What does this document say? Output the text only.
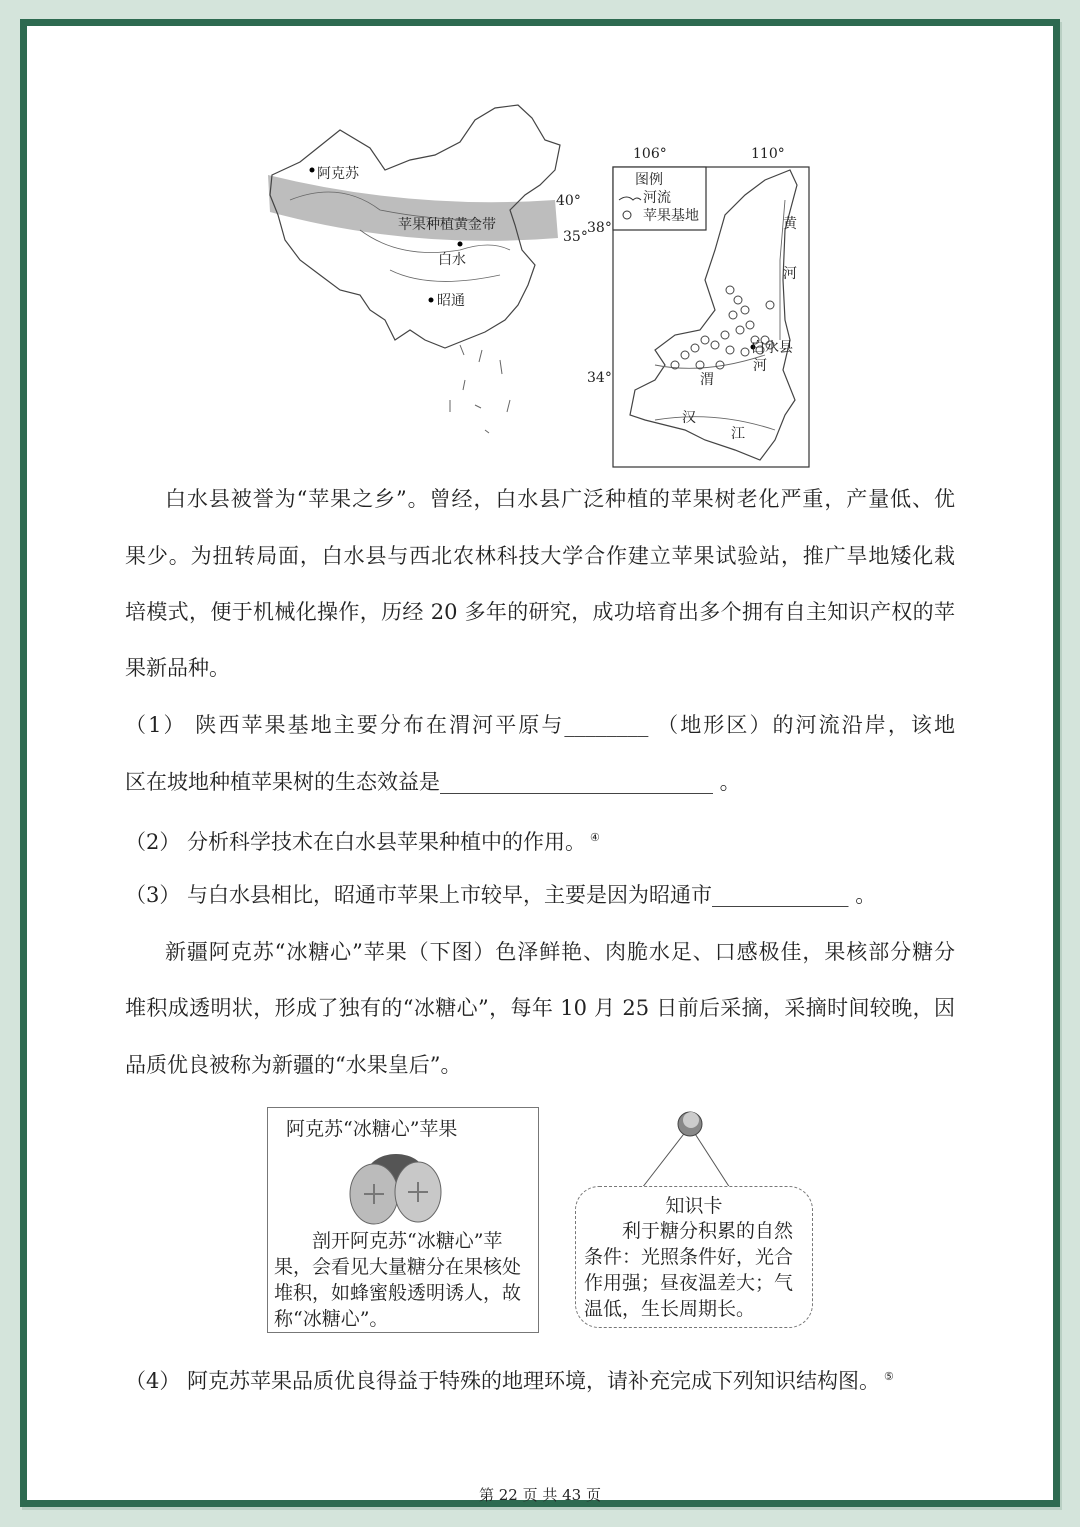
阿克苏
苹果种植黄金带
40°
35°
白水
昭通
106°	110°
38°
34°
图例
河流
苹果基地	黄
河
白水县
河
渭
汉
江
白水县被誉为“苹果之乡”。曾经，白水县广泛种植的苹果树老化严重，产量低、优
果少。为扭转局面，白水县与西北农林科技大学合作建立苹果试验站，推广旱地矮化栽
培模式，便于机械化操作，历经 20 多年的研究，成功培育出多个拥有自主知识产权的苹
果新品种。
（1） 陕西苹果基地主要分布在渭河平原与________ （地形区）的河流沿岸，该地
区在坡地种植苹果树的生态效益是__________________________ 。
（2） 分析科学技术在白水县苹果种植中的作用。 ④
（3） 与白水县相比，昭通市苹果上市较早，主要是因为昭通市_____________ 。
新疆阿克苏“冰糖心”苹果（下图）色泽鲜艳、肉脆水足、口感极佳，果核部分糖分
堆积成透明状，形成了独有的“冰糖心”，每年 10 月 25 日前后采摘，采摘时间较晚，因
品质优良被称为新疆的“水果皇后”。
阿克苏“冰糖心”苹果
　　剖开阿克苏“冰糖心”苹果，会看见大量糖分在果核处堆积，如蜂蜜般透明诱人，故称“冰糖心”。
知识卡
　　利于糖分积累的自然条件：光照条件好，光合作用强；昼夜温差大；气温低，生长周期长。
（4） 阿克苏苹果品质优良得益于特殊的地理环境，请补充完成下列知识结构图。 ⑤
第 22 页 共 43 页
